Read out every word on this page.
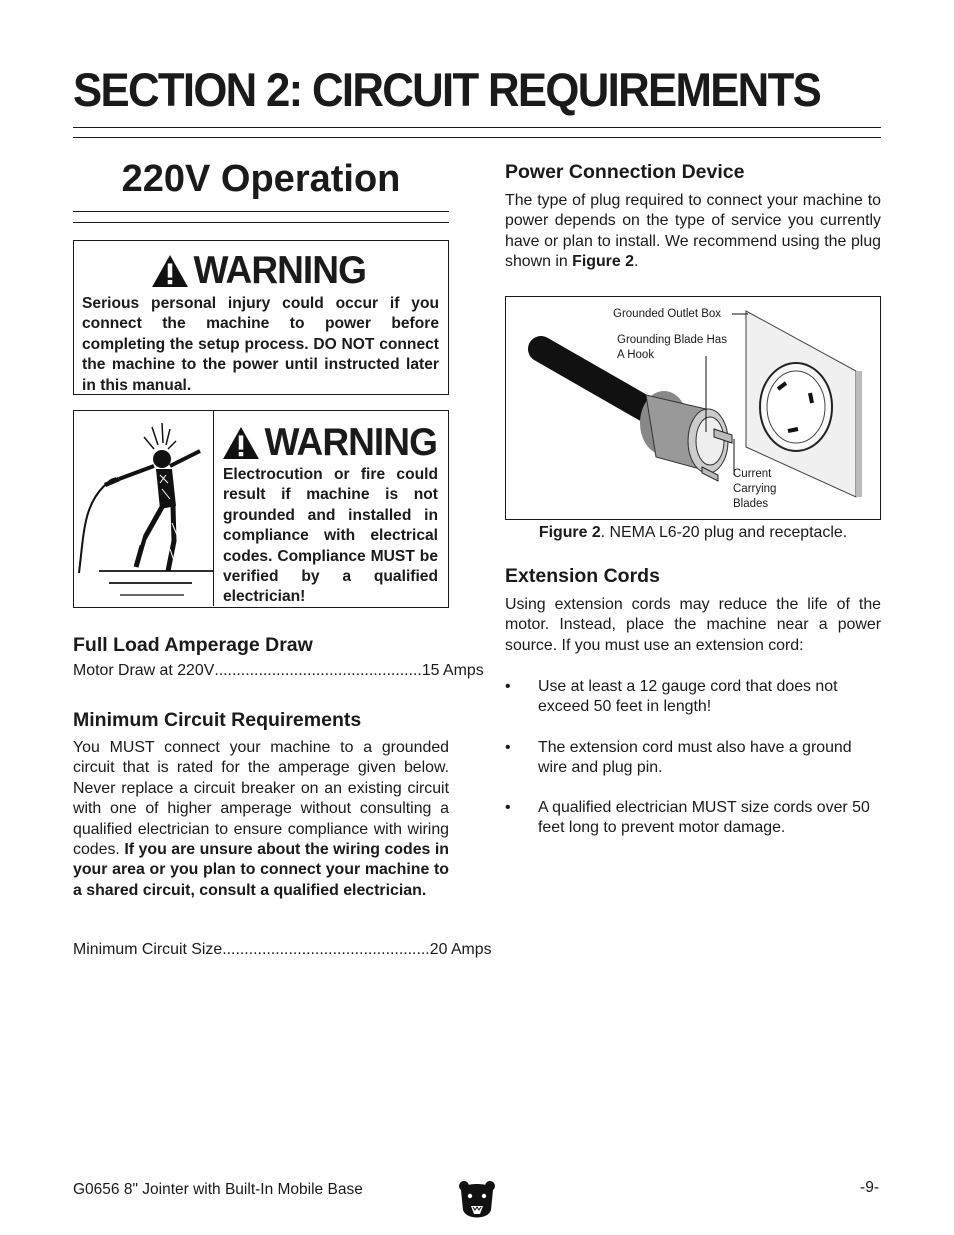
SECTION 2: CIRCUIT REQUIREMENTS
220V Operation
WARNING
Serious personal injury could occur if you connect the machine to power before completing the setup process. DO NOT connect the machine to the power until instructed later in this manual.
WARNING
Electrocution or fire could result if machine is not grounded and installed in compliance with electrical codes. Compliance MUST be verified by a qualified electrician!
Full Load Amperage Draw
Motor Draw at 220V ............................................... 15 Amps
Minimum Circuit Requirements

You MUST connect your machine to a grounded circuit that is rated for the amperage given below. Never replace a circuit breaker on an existing circuit with one of higher amperage without consulting a qualified electrician to ensure compliance with wiring codes. If you are unsure about the wiring codes in your area or you plan to connect your machine to a shared circuit, consult a qualified electrician.

Minimum Circuit Size ............................................... 20 Amps
Power Connection Device

The type of plug required to connect your machine to power depends on the type of service you currently have or plan to install. We recommend using the plug shown in Figure 2.

Grounded Outlet Box
Grounding Blade Has
A Hook
Current
Carrying
Blades
Figure 2. NEMA L6-20 plug and receptacle.
Extension Cords

Using extension cords may reduce the life of the motor. Instead, place the machine near a power source. If you must use an extension cord:

• Use at least a 12 gauge cord that does not exceed 50 feet in length!
• The extension cord must also have a ground wire and plug pin.
• A qualified electrician MUST size cords over 50 feet long to prevent motor damage.
G0656 8" Jointer with Built-In Mobile Base	-9-
